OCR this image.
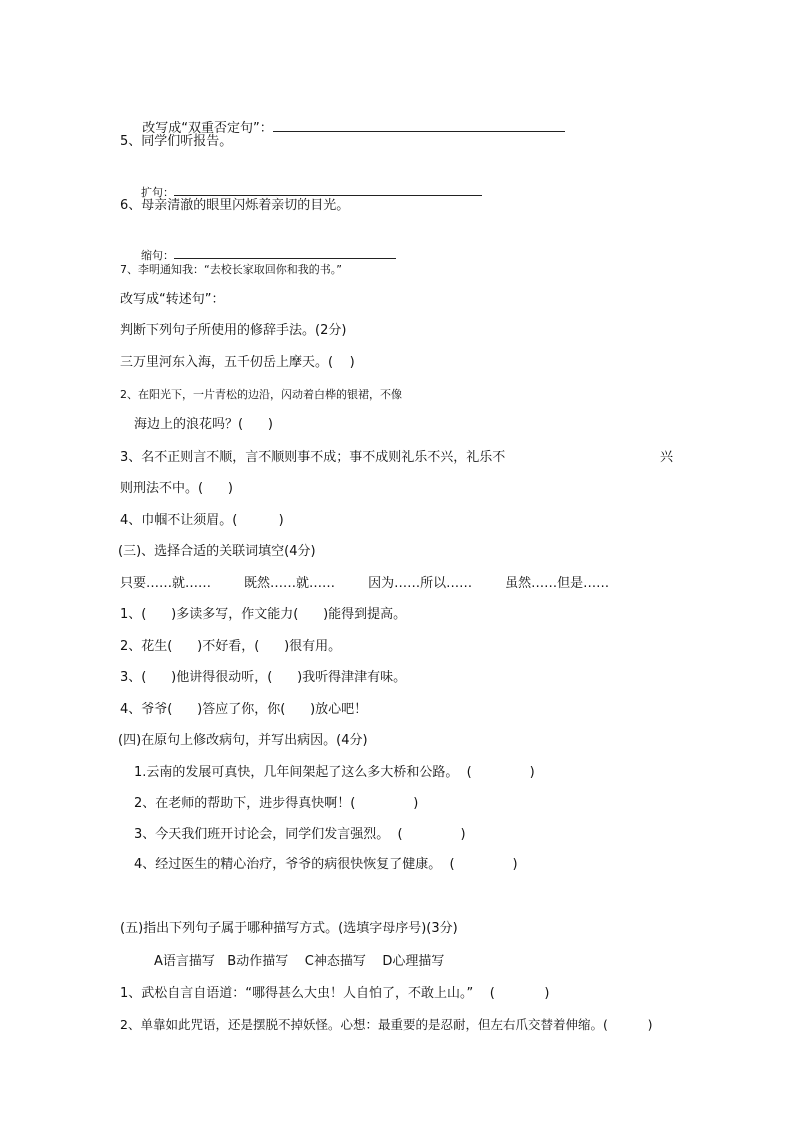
改写成“双重否定句”：

5、同学们听报告。

扩句：

6、母亲清澈的眼里闪烁着亲切的目光。

缩句：

7、李明通知我：“去校长家取回你和我的书。”
改写成“转述句”：
判断下列句子所使用的修辞手法。(2分)
三万里河东入海，五千仞岳上摩天。(    )
2、在阳光下，一片青松的边沿，闪动着白桦的银裙，不像
海边上的浪花吗？(      )
3、名不正则言不顺，言不顺则事不成；事不成则礼乐不兴，礼乐不	兴
则刑法不中。(      )
4、巾帼不让须眉。(          )
(三)、选择合适的关联词填空(4分)
只要……就……        既然……就……        因为……所以……        虽然……但是……
1、(      )多读多写，作文能力(      )能得到提高。
2、花生(      )不好看，(      )很有用。
3、(      )他讲得很动听，(      )我听得津津有味。
4、爷爷(      )答应了你，你(      )放心吧！
(四)在原句上修改病句，并写出病因。(4分)
1.云南的发展可真快，几年间架起了这么多大桥和公路。  (              )
2、在老师的帮助下，进步得真快啊！(              )
3、今天我们班开讨论会，同学们发言强烈。  (              )
4、经过医生的精心治疗，爷爷的病很快恢复了健康。  (              )
(五)指出下列句子属于哪种描写方式。(选填字母序号)(3分)
A语言描写   B动作描写    C神态描写    D心理描写
1、武松自言自语道：“哪得甚么大虫！人自怕了，不敢上山。”    (            )
2、单靠如此咒语，还是摆脱不掉妖怪。心想：最重要的是忍耐，但左右爪交替着伸缩。(          )
